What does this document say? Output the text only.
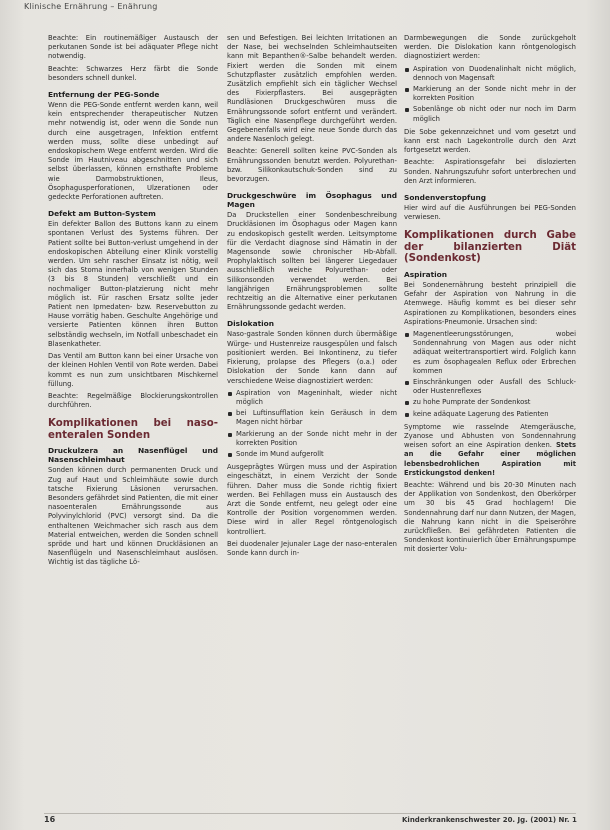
Klinische Ernährung – Enährung

Beachte: Ein routinemäßiger Austausch der perkutanen Sonde ist bei adäquater Pflege nicht notwendig.

Beachte: Schwarzes Herz färbt die Sonde besonders schnell dunkel.

Entfernung der PEG-Sonde

Wenn die PEG-Sonde entfernt werden kann, weil kein entsprechender therapeutischer Nutzen mehr notwendig ist, oder wenn die Sonde nun durch eine ausgetragen, Infektion entfernt werden muss, sollte diese unbedingt auf endoskopischem Wege entfernt werden. Wird die Sonde im Hautniveau abgeschnitten und sich selbst überlassen, können ernsthafte Probleme wie Darmobstruktionen, Ileus, Ösophagusperforationen, Ulzerationen oder gedeckte Perforationen auftreten.

Defekt am Button-System

Ein defekter Ballon des Buttons kann zu einem spontanen Verlust des Systems führen. Der Patient sollte bei Button-verlust umgehend in der endoskopischen Abteilung einer Klinik vorstellig werden. Um sehr rascher Einsatz ist nötig, weil sich das Stoma innerhalb von wenigen Stunden (3 bis 8 Stunden) verschließt und ein nochmaliger Button-platzierung nicht mehr möglich ist. Für raschen Ersatz sollte jeder Patient nen Ipmedaten- bzw. Reservebutton zu Hause vorrätig haben. Geschulte Angehörige und versierte Patienten können ihren Button selbständig wechseln, im Notfall unbeschadet ein Blasenkatheter.

Das Ventil am Button kann bei einer Ursache von der kleinen Hohlen Ventil von Rote werden. Dabei kommt es nun zum unsichtbaren Mischkernel füllung.

Beachte: Regelmäßige Blockierungskontrollen durchführen.

Komplikationen bei naso-enteralen Sonden
Druckulzera an Nasenflügel und Nasenschleimhaut

Sonden können durch permanenten Druck und Zug auf Haut und Schleimhäute sowie durch tatsche Fixierung Läsionen verursachen. Besonders gefährdet sind Patienten, die mit einer nasoenteralen Ernährungssonde aus Polyvinylchlorid (PVC) versorgt sind. Da die enthaltenen Weichmacher sich rasch aus dem Material entweichen, werden die Sonden schnell spröde und hart und können Druckläsionen an Nasenflügeln und Nasenschleimhaut auslösen. Wichtig ist das tägliche Lö-

sen und Befestigen. Bei leichten Irritationen an der Nase, bei wechselnden Schleimhautseiten kann mit Bepanthen®-Salbe behandelt werden. Fixiert werden die Sonden mit einem Schutzpflaster zusätzlich empfohlen werden. Zusätzlich empfiehlt sich ein täglicher Wechsel des Fixierpflasters. Bei ausgeprägten Rundläsionen Druckgeschwüren muss die Ernährungssonde sofort entfernt und verändert. Täglich eine Nasenpflege durchgeführt werden. Gegebenenfalls wird eine neue Sonde durch das andere Nasenloch gelegt.

Beachte: Generell sollten keine PVC-Sonden als Ernährungssonden benutzt werden. Polyurethan- bzw. Silikonkautschuk-Sonden sind zu bevorzugen.

Druckgeschwüre im Ösophagus und Magen

Da Druckstellen einer Sondenbeschreibung Druckläsionen im Ösophagus oder Magen kann zu endoskopisch gestellt werden. Leitsymptome für die Verdacht diagnose sind Hämatin in der Magensonde sowie chronischer Hb-Abfall. Prophylaktisch sollten bei längerer Liegedauer ausschließlich weiche Polyurethan- oder Silikonsonden verwendet werden. Bei langjährigen Ernährungsproblemen sollte rechtzeitig an die Alternative einer perkutanen Ernährungssonde gedacht werden.

Dislokation

Naso-gastrale Sonden können durch übermäßige Würge- und Hustenreize rausgespülen und falsch positioniert werden. Bei Inkontinenz, zu tiefer Fixierung, prolapse des Pflegers (o.a.) oder Dislokation der Sonde kann dann auf verschiedene Weise diagnostiziert werden:

Aspiration von Mageninhalt, wieder nicht möglich
bei Luftinsufflation kein Geräusch in dem Magen nicht hörbar
Markierung an der Sonde nicht mehr in der korrekten Position
Sonde im Mund aufgerollt

Ausgeprägtes Würgen muss und der Aspiration eingeschätzt, in einem Verzicht der Sonde führen. Daher muss die Sonde richtig fixiert werden. Bei Fehllagen muss ein Austausch des Arzt die Sonde entfernt, neu gelegt oder eine Kontrolle der Position vorgenommen werden. Diese wird in aller Regel röntgenologisch kontrolliert.

Bei duodenaler Jejunaler Lage der naso-enteralen Sonde kann durch in-

Darmbewegungen die Sonde zurückgeholt werden. Die Dislokation kann röntgenologisch diagnostiziert werden:

Aspiration von Duodenalinhalt nicht möglich, dennoch von Magensaft
Markierung an der Sonde nicht mehr in der korrekten Position
Sobenlänge ob nicht oder nur noch im Darm möglich

Die Sobe gekennzeichnet und vom gesetzt und kann erst nach Lagekontrolle durch den Arzt fortgesetzt werden.

Beachte: Aspirationsgefahr bei dislozierten Sonden. Nahrungszufuhr sofort unterbrechen und den Arzt informieren.

Sondenverstopfung

Hier wird auf die Ausführungen bei PEG-Sonden verwiesen.

Komplikationen durch Gabe der bilanzierten Diät (Sondenkost)
Aspiration

Bei Sondenernährung besteht prinzipiell die Gefahr der Aspiration von Nahrung in die Atemwege. Häufig kommt es bei dieser sehr Aspirationen zu Komplikationen, besonders eines Aspirations-Pneumonie. Ursachen sind:

Magenentleerungsstörungen, wobei Sondennahrung von Magen aus oder nicht adäquat weitertransportiert wird. Folglich kann es zum ösophagealen Reflux oder Erbrechen kommen
Einschränkungen oder Ausfall des Schluck- oder Hustenreflexes
zu hohe Pumprate der Sondenkost
keine adäquate Lagerung des Patienten

Symptome wie rasselnde Atemgeräusche, Zyanose und Abhusten von Sondennahrung weisen sofort an eine Aspiration denken. Stets an die Gefahr einer möglichen lebensbedrohlichen Aspiration mit Erstickungstod denken!

Beachte: Während und bis 20-30 Minuten nach der Applikation von Sondenkost, den Oberkörper um 30 bis 45 Grad hochlagern! Die Sondennahrung darf nur dann Nutzen, der Magen, die Nahrung kann nicht in die Speiseröhre zurückfließen. Bei gefährdeten Patienten die Sondenkost kontinuierlich über Ernährungspumpe mit dosierter Volu-

16	Kinderkrankenschwester 20. Jg. (2001) Nr. 1
